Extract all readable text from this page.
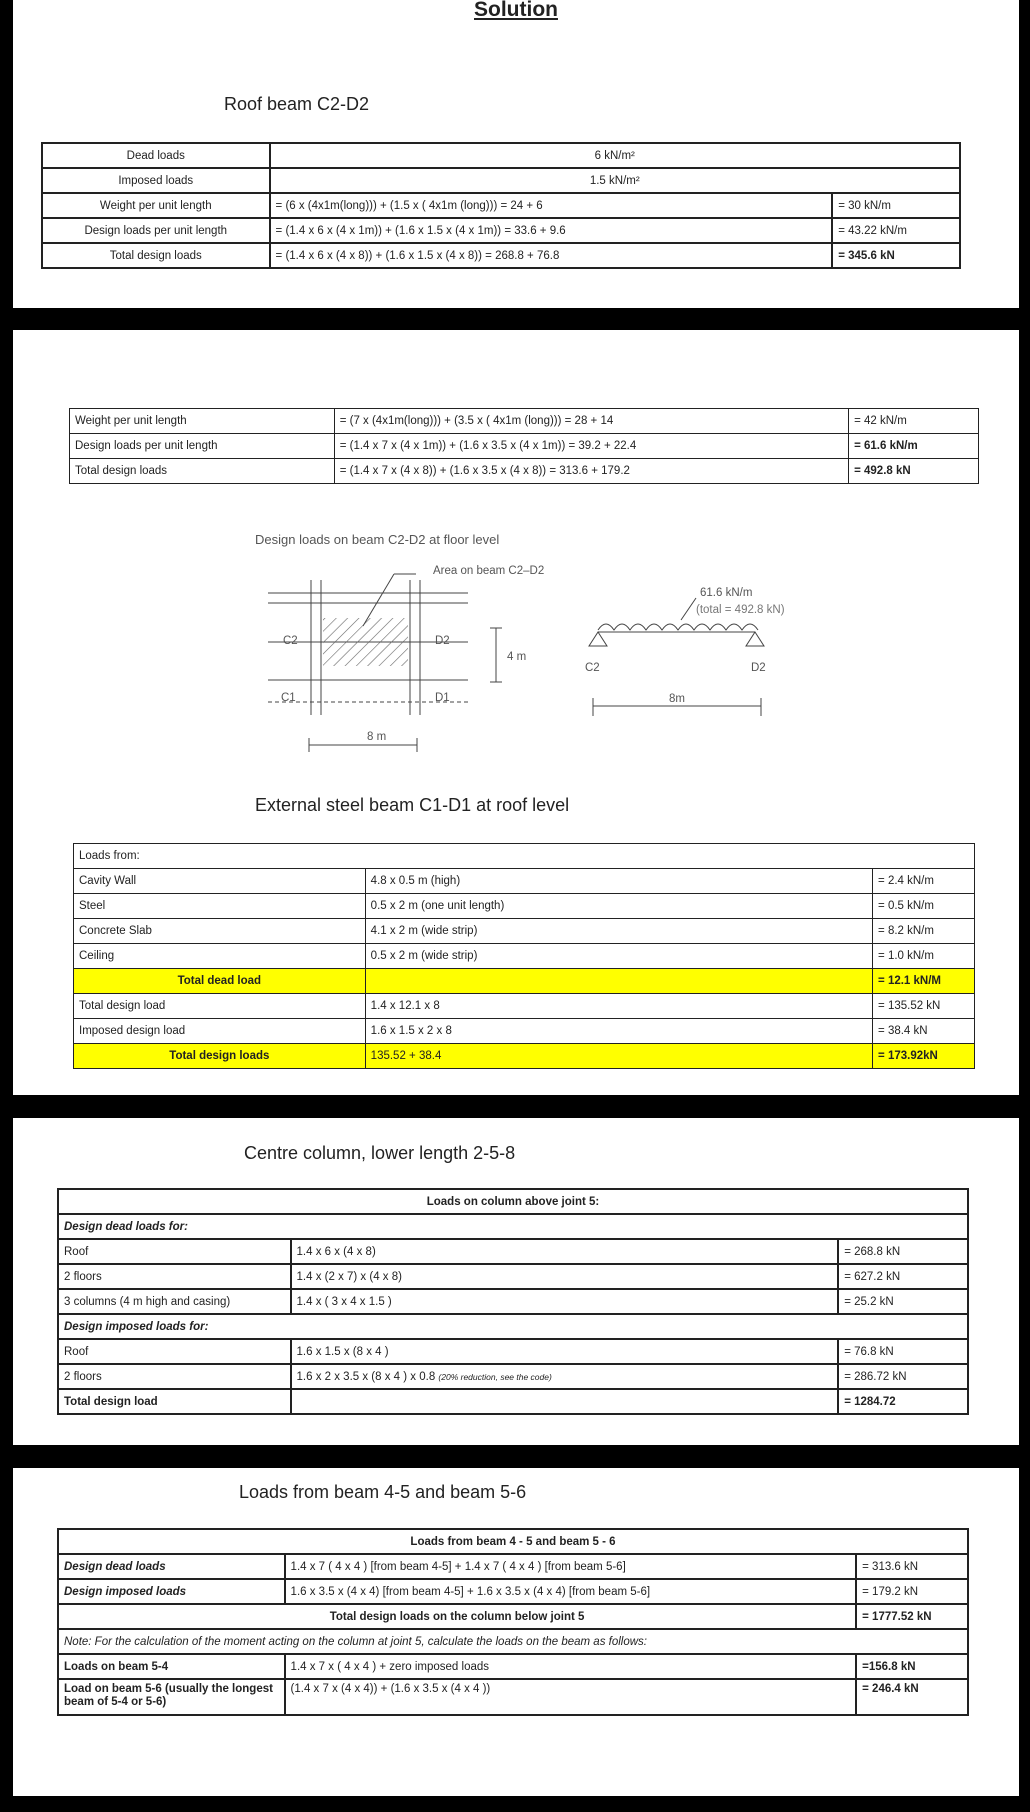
Solution
Roof beam C2-D2
Dead loads	6 kN/m²	
Imposed loads	1.5 kN/m²	
Weight per unit length	= (6 x (4x1m(long))) + (1.5 x ( 4x1m (long))) = 24 + 6	= 30 kN/m
Design loads per unit length	= (1.4 x 6 x (4 x 1m)) + (1.6 x 1.5 x (4 x 1m)) = 33.6 + 9.6	= 43.22 kN/m
Total design loads	= (1.4 x 6 x (4 x 8)) + (1.6 x 1.5 x (4 x 8)) = 268.8 + 76.8	= 345.6 kN
Weight per unit length	= (7 x (4x1m(long))) + (3.5 x ( 4x1m (long))) = 28 + 14	= 42 kN/m
Design loads per unit length	= (1.4 x 7 x (4 x 1m)) + (1.6 x 3.5 x (4 x 1m)) = 39.2 + 22.4	= 61.6 kN/m
Total design loads	= (1.4 x 7 x (4 x 8)) + (1.6 x 3.5 x (4 x 8)) = 313.6 + 179.2	= 492.8 kN
Design loads on beam C2-D2 at floor level
Area on beam C2–D2
C2	D2
C1	D1
4 m
8 m
61.6 kN/m
(total = 492.8 kN)
C2	D2
8m
External steel beam C1-D1 at roof level
Loads from:		
Cavity Wall	4.8 x 0.5 m (high)	= 2.4 kN/m
Steel	0.5 x 2 m (one unit length)	= 0.5 kN/m
Concrete Slab	4.1 x 2 m (wide strip)	= 8.2 kN/m
Ceiling	0.5 x 2 m (wide strip)	= 1.0 kN/m
Total dead load		= 12.1 kN/M
Total design load	1.4 x 12.1 x 8	= 135.52 kN
Imposed design load	1.6 x 1.5 x 2 x 8	= 38.4 kN
Total design loads	135.52 + 38.4	= 173.92kN
Centre column, lower length 2-5-8
Loads on column above joint 5:		
Design dead loads for:		
Roof	1.4 x 6 x (4 x 8)	= 268.8 kN
2 floors	1.4 x (2 x 7) x (4 x 8)	= 627.2 kN
3 columns (4 m high and casing)	1.4 x ( 3 x 4 x 1.5 )	= 25.2 kN
Design imposed loads for:		
Roof	1.6 x 1.5 x (8 x 4 )	= 76.8 kN
2 floors	1.6 x 2 x 3.5 x (8 x 4 ) x 0.8 (20% reduction, see the code)	= 286.72 kN
Total design load		= 1284.72
Loads from beam 4-5 and beam 5-6
Loads from beam 4 - 5 and beam 5 - 6		
Design dead loads	1.4 x 7 ( 4 x 4 ) [from beam 4-5] + 1.4 x 7 ( 4 x 4 ) [from beam 5-6]	= 313.6 kN
Design imposed loads	1.6 x 3.5 x (4 x 4) [from beam 4-5] + 1.6 x 3.5 x (4 x 4) [from beam 5-6]	= 179.2 kN
Total design loads on the column below joint 5		= 1777.52 kN
Note: For the calculation of the moment acting on the column at joint 5, calculate the loads on the beam as follows:		
Loads on beam 5-4	1.4 x 7 x ( 4 x 4 ) + zero imposed loads	=156.8 kN
Load on beam 5-6 (usually the longest beam of 5-4 or 5-6)	(1.4 x 7 x (4 x 4)) + (1.6 x 3.5 x (4 x 4 ))	= 246.4 kN
